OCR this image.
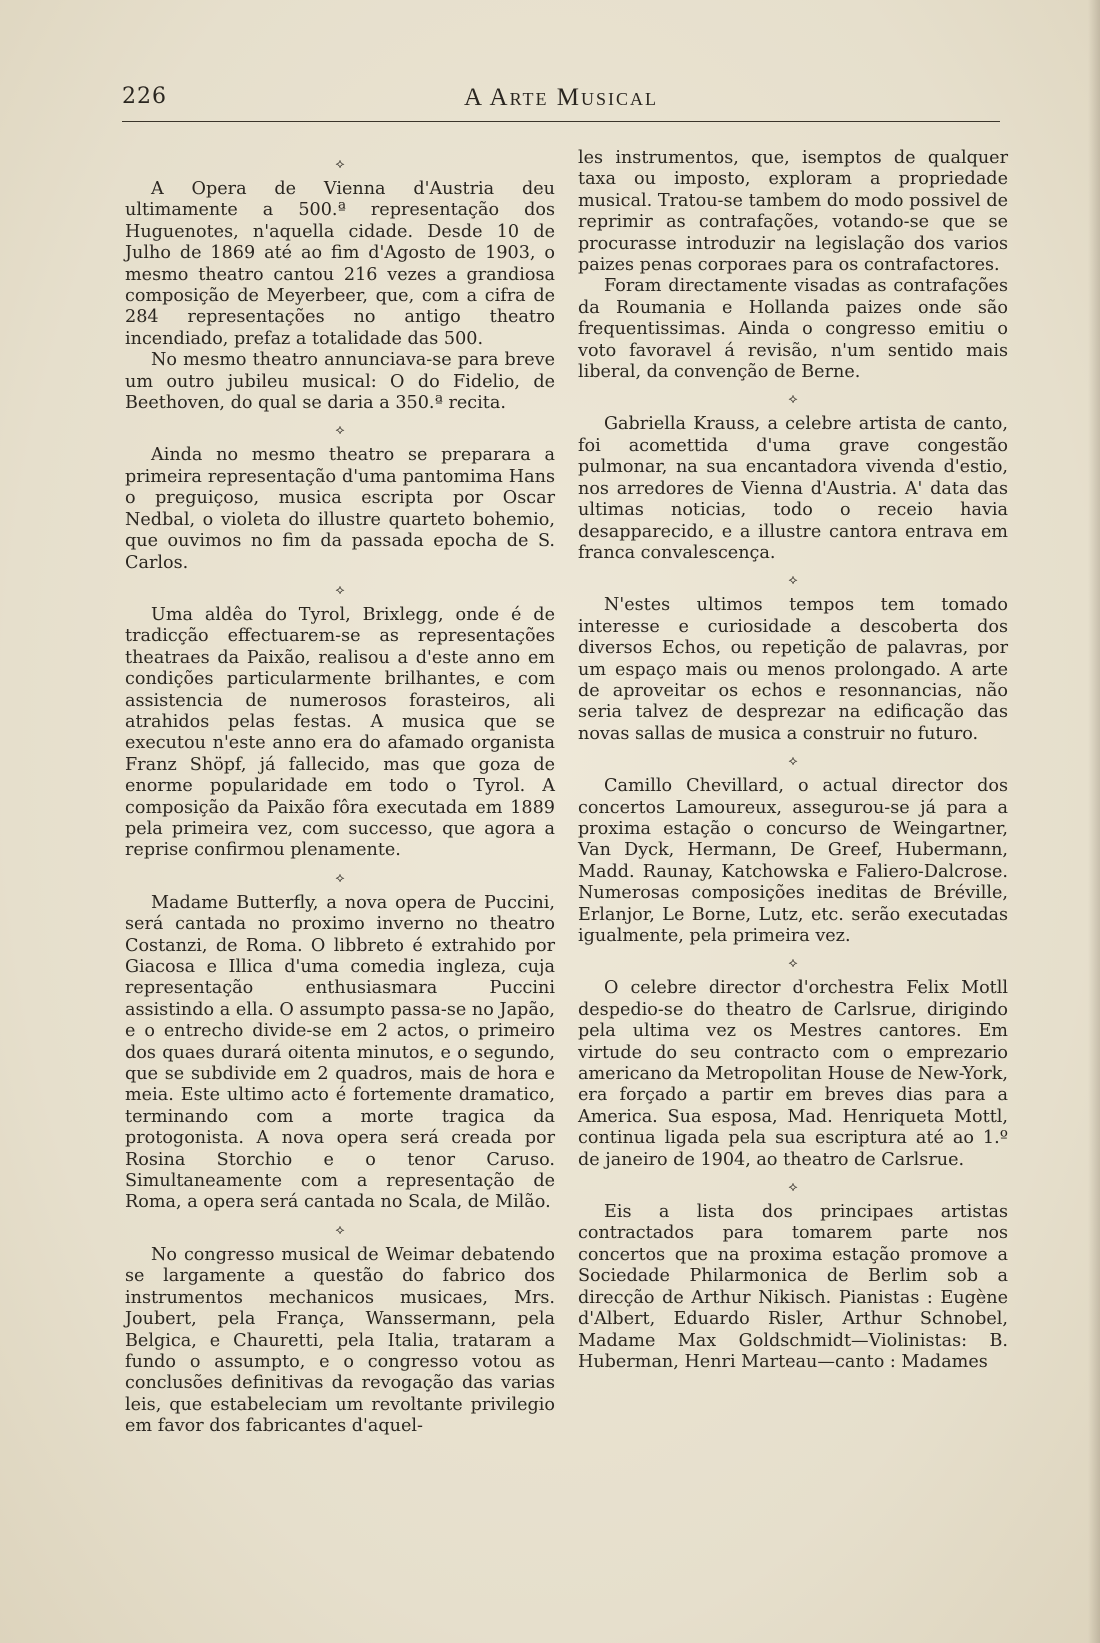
226	A Arte Musical
⟡

A Opera de Vienna d'Austria deu ultimamente a 500.ª representação dos Huguenotes, n'aquella cidade. Desde 10 de Julho de 1869 até ao fim d'Agosto de 1903, o mesmo theatro cantou 216 vezes a grandiosa composição de Meyerbeer, que, com a cifra de 284 representações no antigo theatro incendiado, prefaz a totalidade das 500.

No mesmo theatro annunciava-se para breve um outro jubileu musical: O do Fidelio, de Beethoven, do qual se daria a 350.ª recita.

⟡

Ainda no mesmo theatro se preparara a primeira representação d'uma pantomima Hans o preguiçoso, musica escripta por Oscar Nedbal, o violeta do illustre quarteto bohemio, que ouvimos no fim da passada epocha de S. Carlos.

⟡

Uma aldêa do Tyrol, Brixlegg, onde é de tradicção effectuarem-se as representações theatraes da Paixão, realisou a d'este anno em condições particularmente brilhantes, e com assistencia de numerosos forasteiros, ali atrahidos pelas festas. A musica que se executou n'este anno era do afamado organista Franz Shöpf, já fallecido, mas que goza de enorme popularidade em todo o Tyrol. A composição da Paixão fôra executada em 1889 pela primeira vez, com successo, que agora a reprise confirmou plenamente.

⟡

Madame Butterfly, a nova opera de Puccini, será cantada no proximo inverno no theatro Costanzi, de Roma. O libbreto é extrahido por Giacosa e Illica d'uma comedia ingleza, cuja representação enthusiasmara Puccini assistindo a ella. O assumpto passa-se no Japão, e o entrecho divide-se em 2 actos, o primeiro dos quaes durará oitenta minutos, e o segundo, que se subdivide em 2 quadros, mais de hora e meia. Este ultimo acto é fortemente dramatico, terminando com a morte tragica da protogonista. A nova opera será creada por Rosina Storchio e o tenor Caruso. Simultaneamente com a representação de Roma, a opera será cantada no Scala, de Milão.

⟡

No congresso musical de Weimar debatendo se largamente a questão do fabrico dos instrumentos mechanicos musicaes, Mrs. Joubert, pela França, Wanssermann, pela Belgica, e Chauretti, pela Italia, trataram a fundo o assumpto, e o congresso votou as conclusões definitivas da revogação das varias leis, que estabeleciam um revoltante privilegio em favor dos fabricantes d'aquel-

les instrumentos, que, isemptos de qualquer taxa ou imposto, exploram a propriedade musical. Tratou-se tambem do modo possivel de reprimir as contrafações, votando-se que se procurasse introduzir na legislação dos varios paizes penas corporaes para os contrafactores.

Foram directamente visadas as contrafações da Roumania e Hollanda paizes onde são frequentissimas. Ainda o congresso emitiu o voto favoravel á revisão, n'um sentido mais liberal, da convenção de Berne.

⟡

Gabriella Krauss, a celebre artista de canto, foi acomettida d'uma grave congestão pulmonar, na sua encantadora vivenda d'estio, nos arredores de Vienna d'Austria. A' data das ultimas noticias, todo o receio havia desapparecido, e a illustre cantora entrava em franca convalescença.

⟡

N'estes ultimos tempos tem tomado interesse e curiosidade a descoberta dos diversos Echos, ou repetição de palavras, por um espaço mais ou menos prolongado. A arte de aproveitar os echos e resonnancias, não seria talvez de desprezar na edificação das novas sallas de musica a construir no futuro.

⟡

Camillo Chevillard, o actual director dos concertos Lamoureux, assegurou-se já para a proxima estação o concurso de Weingartner, Van Dyck, Hermann, De Greef, Hubermann, Madd. Raunay, Katchowska e Faliero-Dalcrose. Numerosas composições ineditas de Bréville, Erlanjor, Le Borne, Lutz, etc. serão executadas igualmente, pela primeira vez.

⟡

O celebre director d'orchestra Felix Motll despedio-se do theatro de Carlsrue, dirigindo pela ultima vez os Mestres cantores. Em virtude do seu contracto com o emprezario americano da Metropolitan House de New-York, era forçado a partir em breves dias para a America. Sua esposa, Mad. Henriqueta Mottl, continua ligada pela sua escriptura até ao 1.º de janeiro de 1904, ao theatro de Carlsrue.

⟡

Eis a lista dos principaes artistas contractados para tomarem parte nos concertos que na proxima estação promove a Sociedade Philarmonica de Berlim sob a direcção de Arthur Nikisch. Pianistas : Eugène d'Albert, Eduardo Risler, Arthur Schnobel, Madame Max Goldschmidt—Violinistas: B. Huberman, Henri Marteau—canto : Madames
